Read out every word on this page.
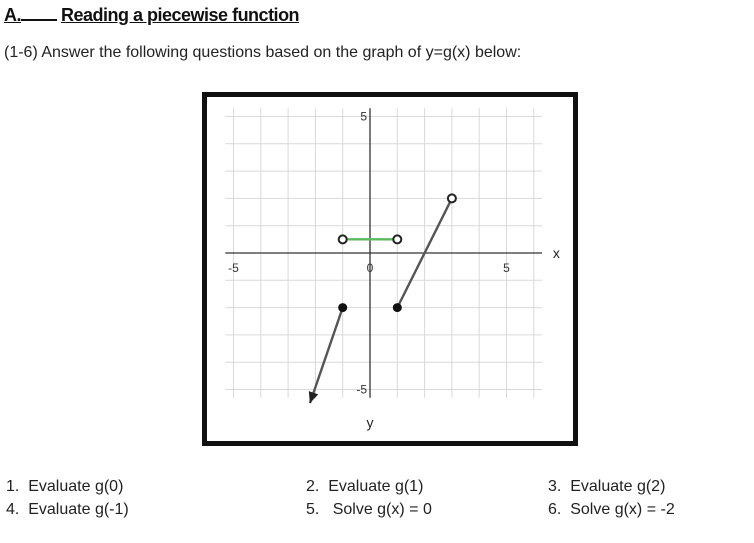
A. Reading a piecewise function
(1-6) Answer the following questions based on the graph of y=g(x) below:
-5	0	5
5
-5
x
y
1. Evaluate g(0)	2. Evaluate g(1)	3. Evaluate g(2)
4. Evaluate g(-1)	5. Solve g(x) = 0	6. Solve g(x) = -2
